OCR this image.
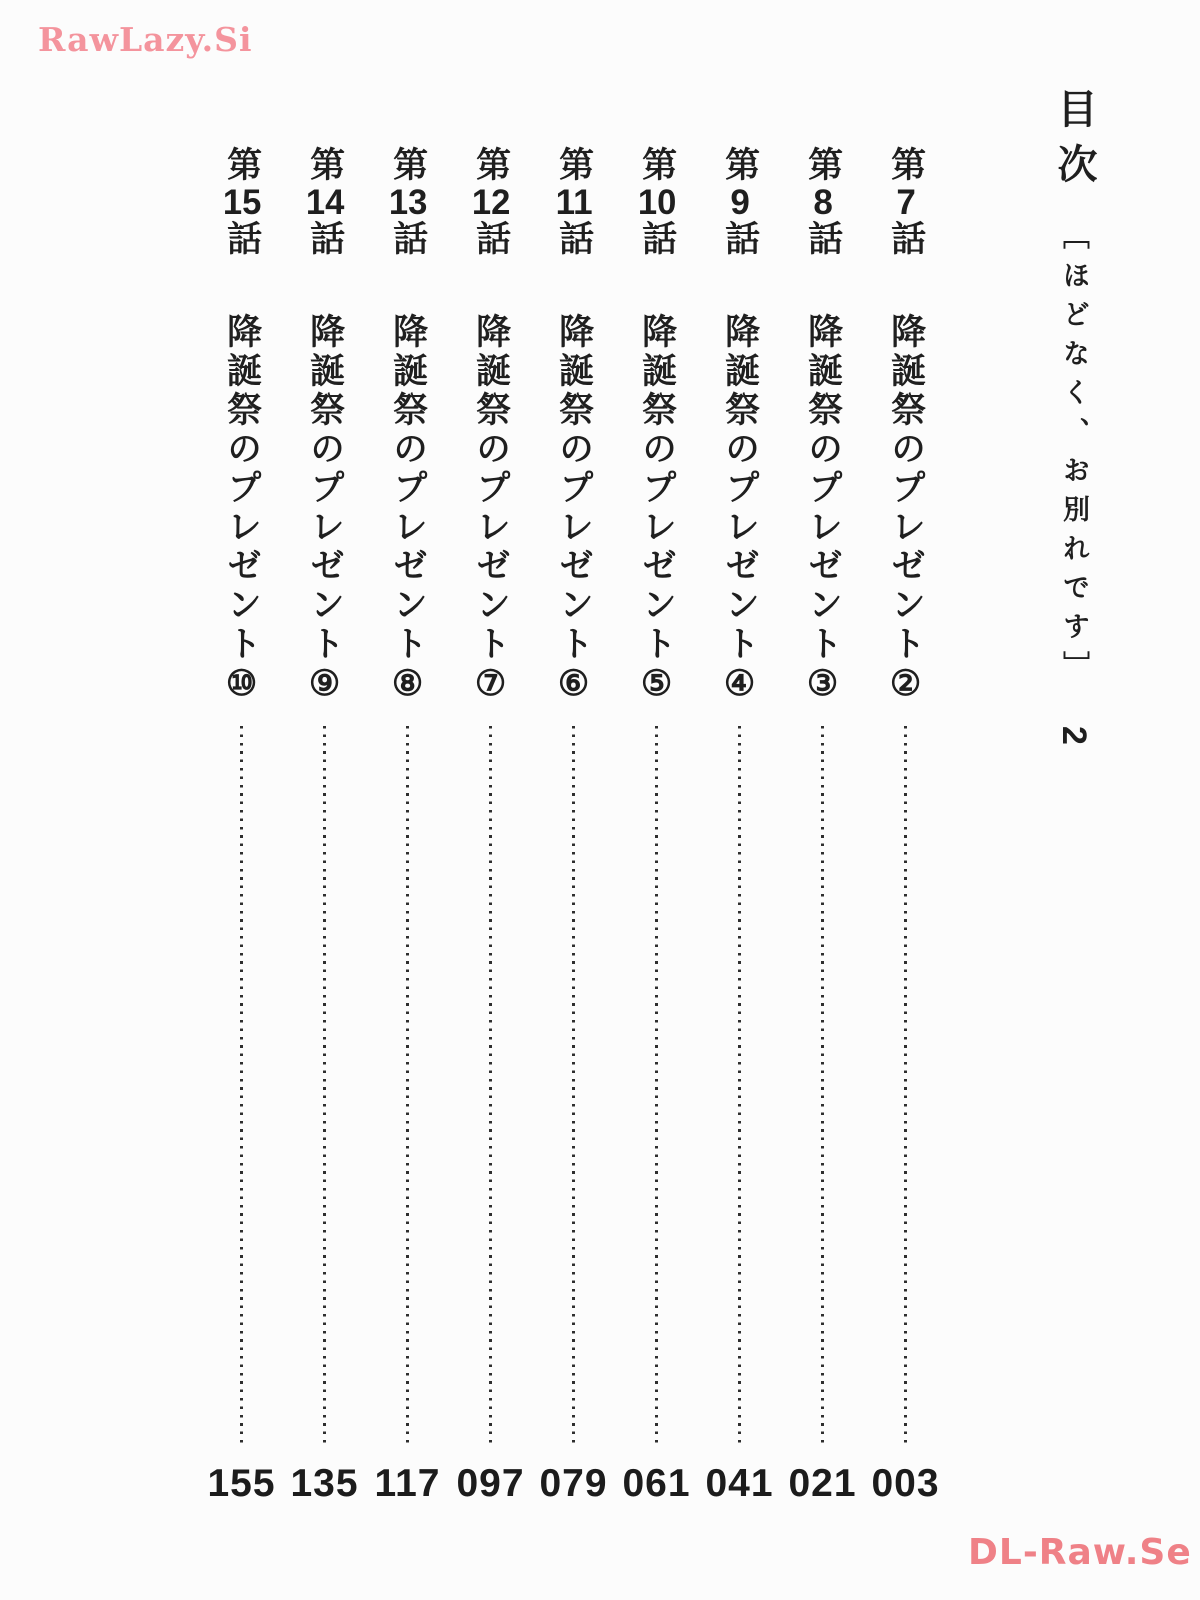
RawLazy.Si
目次［ほどなく、お別れです］2
第7話
降誕祭のプレゼント②
003
第8話
降誕祭のプレゼント③
021
第9話
降誕祭のプレゼント④
041
第10話
降誕祭のプレゼント⑤
061
第11話
降誕祭のプレゼント⑥
079
第12話
降誕祭のプレゼント⑦
097
第13話
降誕祭のプレゼント⑧
117
第14話
降誕祭のプレゼント⑨
135
第15話
降誕祭のプレゼント⑩
155
DL-Raw.Se
